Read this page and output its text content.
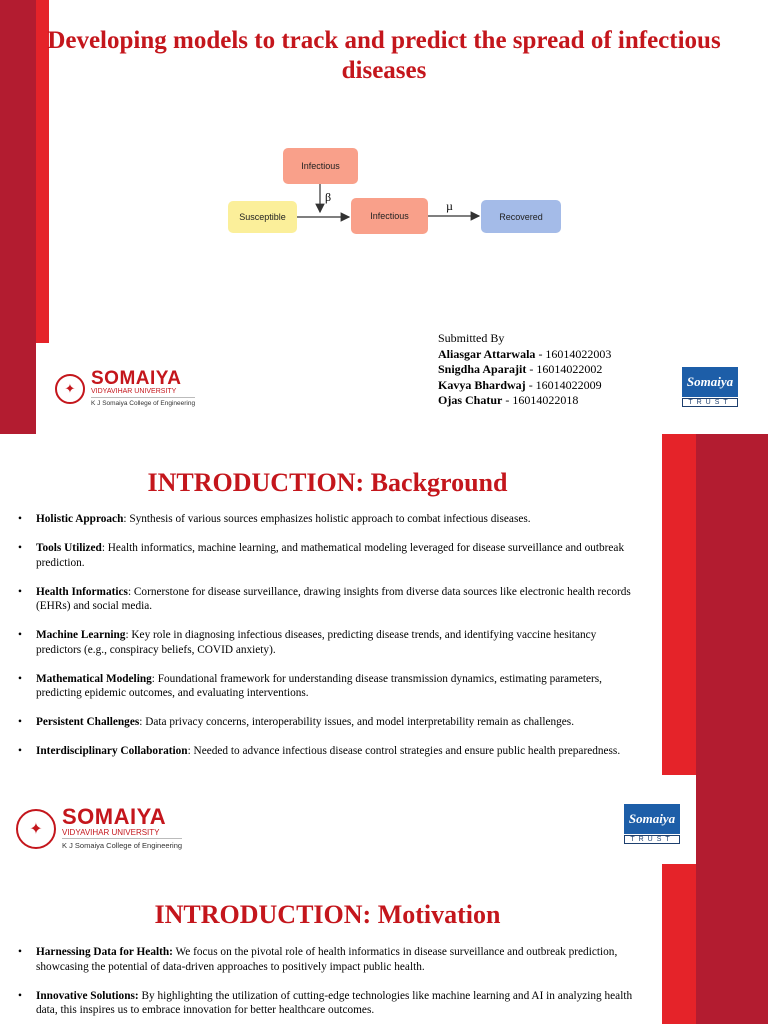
Developing models to track and predict the spread of infectious diseases
Infectious
Susceptible	Infectious	Recovered
β
µ
Submitted By
Aliasgar Attarwala - 16014022003
Snigdha Aparajit - 16014022002
Kavya Bhardwaj - 16014022009
Ojas Chatur - 16014022018
✦ SOMAIYA
VIDYAVIHAR UNIVERSITY
K J Somaiya College of Engineering
Somaiya
TRUST
INTRODUCTION: Background
• Holistic Approach: Synthesis of various sources emphasizes holistic approach to combat infectious diseases.
• Tools Utilized: Health informatics, machine learning, and mathematical modeling leveraged for disease surveillance and outbreak prediction.
• Health Informatics: Cornerstone for disease surveillance, drawing insights from diverse data sources like electronic health records (EHRs) and social media.
• Machine Learning: Key role in diagnosing infectious diseases, predicting disease trends, and identifying vaccine hesitancy predictors (e.g., conspiracy beliefs, COVID anxiety).
• Mathematical Modeling: Foundational framework for understanding disease transmission dynamics, estimating parameters, predicting epidemic outcomes, and evaluating interventions.
• Persistent Challenges: Data privacy concerns, interoperability issues, and model interpretability remain as challenges.
• Interdisciplinary Collaboration: Needed to advance infectious disease control strategies and ensure public health preparedness.
✦ SOMAIYA
VIDYAVIHAR UNIVERSITY
K J Somaiya College of Engineering
Somaiya
TRUST
INTRODUCTION: Motivation
• Harnessing Data for Health: We focus on the pivotal role of health informatics in disease surveillance and outbreak prediction, showcasing the potential of data-driven approaches to positively impact public health.
• Innovative Solutions: By highlighting the utilization of cutting-edge technologies like machine learning and AI in analyzing health data, this inspires us to embrace innovation for better healthcare outcomes.
